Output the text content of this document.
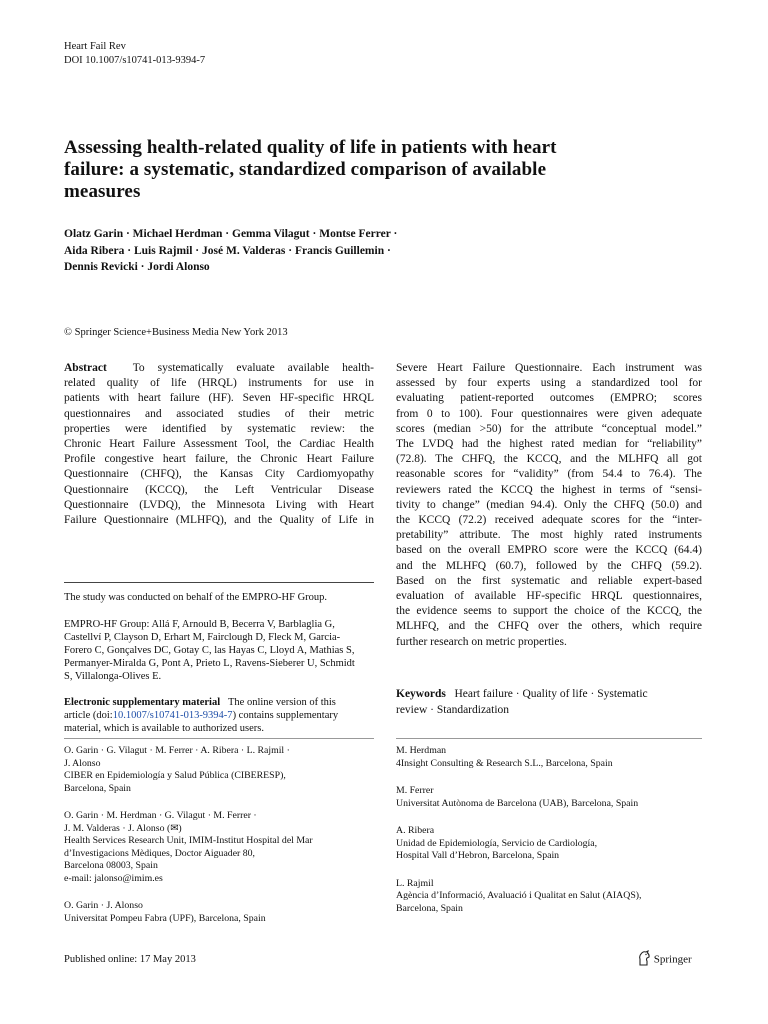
Heart Fail Rev
DOI 10.1007/s10741-013-9394-7
Assessing health-related quality of life in patients with heart
failure: a systematic, standardized comparison of available
measures
Olatz Garin · Michael Herdman · Gemma Vilagut · Montse Ferrer ·
Aida Ribera · Luis Rajmil · José M. Valderas · Francis Guillemin ·
Dennis Revicki · Jordi Alonso
© Springer Science+Business Media New York 2013
Abstract To systematically evaluate available health-
related quality of life (HRQL) instruments for use in
patients with heart failure (HF). Seven HF-specific HRQL
questionnaires and associated studies of their metric
properties were identified by systematic review: the
Chronic Heart Failure Assessment Tool, the Cardiac Health
Profile congestive heart failure, the Chronic Heart Failure
Questionnaire (CHFQ), the Kansas City Cardiomyopathy
Questionnaire (KCCQ), the Left Ventricular Disease
Questionnaire (LVDQ), the Minnesota Living with Heart
Failure Questionnaire (MLHFQ), and the Quality of Life in
Severe Heart Failure Questionnaire. Each instrument was
assessed by four experts using a standardized tool for
evaluating patient-reported outcomes (EMPRO; scores
from 0 to 100). Four questionnaires were given adequate
scores (median >50) for the attribute “conceptual model.”
The LVDQ had the highest rated median for “reliability”
(72.8). The CHFQ, the KCCQ, and the MLHFQ all got
reasonable scores for “validity” (from 54.4 to 76.4). The
reviewers rated the KCCQ the highest in terms of “sensi-
tivity to change” (median 94.4). Only the CHFQ (50.0) and
the KCCQ (72.2) received adequate scores for the “inter-
pretability” attribute. The most highly rated instruments
based on the overall EMPRO score were the KCCQ (64.4)
and the MLHFQ (60.7), followed by the CHFQ (59.2).
Based on the first systematic and reliable expert-based
evaluation of available HF-specific HRQL questionnaires,
the evidence seems to support the choice of the KCCQ, the
MLHFQ, and the CHFQ over the others, which require
further research on metric properties.
Keywords Heart failure · Quality of life · Systematic
review · Standardization
The study was conducted on behalf of the EMPRO-HF Group.
EMPRO-HF Group: Allá F, Arnould B, Becerra V, Barblaglia G,
Castellví P, Clayson D, Erhart M, Fairclough D, Fleck M, Garcia-
Forero C, Gonçalves DC, Gotay C, las Hayas C, Lloyd A, Mathias S,
Permanyer-Miralda G, Pont A, Prieto L, Ravens-Sieberer U, Schmidt
S, Villalonga-Olives E.
Electronic supplementary material The online version of this
article (doi:10.1007/s10741-013-9394-7) contains supplementary
material, which is available to authorized users.
O. Garin · G. Vilagut · M. Ferrer · A. Ribera · L. Rajmil ·
J. Alonso
CIBER en Epidemiología y Salud Pública (CIBERESP),
Barcelona, Spain
O. Garin · M. Herdman · G. Vilagut · M. Ferrer ·
J. M. Valderas · J. Alonso (✉)
Health Services Research Unit, IMIM-Institut Hospital del Mar
d’Investigacions Mèdiques, Doctor Aiguader 80,
Barcelona 08003, Spain
e-mail: jalonso@imim.es
O. Garin · J. Alonso
Universitat Pompeu Fabra (UPF), Barcelona, Spain
M. Herdman
4Insight Consulting & Research S.L., Barcelona, Spain
M. Ferrer
Universitat Autònoma de Barcelona (UAB), Barcelona, Spain
A. Ribera
Unidad de Epidemiología, Servicio de Cardiología,
Hospital Vall d’Hebron, Barcelona, Spain
L. Rajmil
Agència d’Informació, Avaluació i Qualitat en Salut (AIAQS),
Barcelona, Spain
Published online: 17 May 2013	Springer
